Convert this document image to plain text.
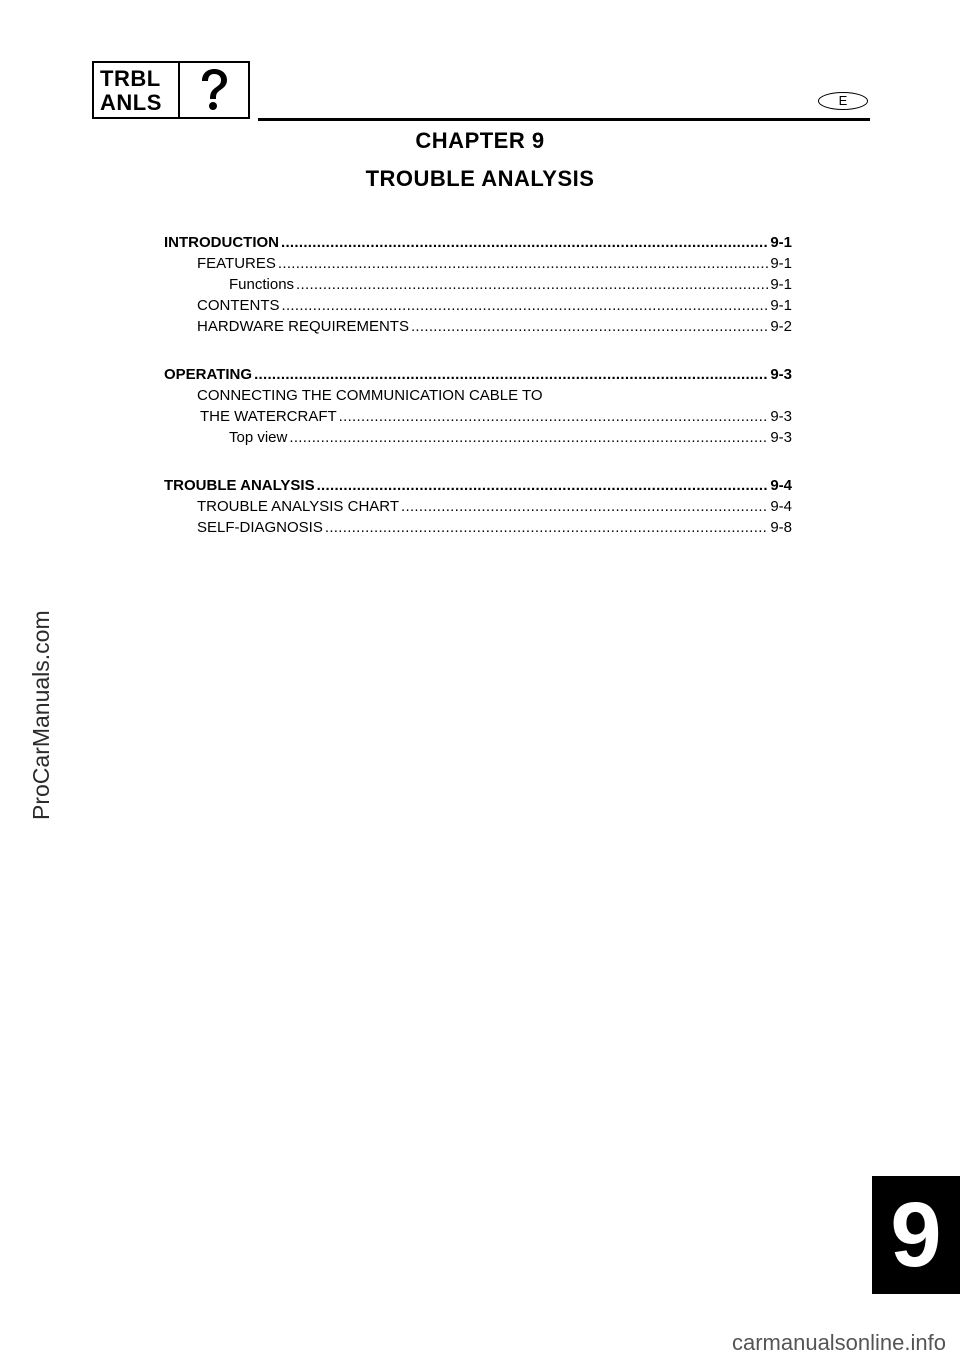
TRBL
ANLS	E
CHAPTER 9
TROUBLE ANALYSIS
INTRODUCTION .....	9-1
FEATURES .....	9-1
Functions .....	9-1
CONTENTS .....	9-1
HARDWARE REQUIREMENTS .....	9-2
OPERATING .....	9-3
CONNECTING THE COMMUNICATION CABLE TO
THE WATERCRAFT .....	9-3
Top view .....	9-3
TROUBLE ANALYSIS .....	9-4
TROUBLE ANALYSIS CHART .....	9-4
SELF-DIAGNOSIS .....	9-8
ProCarManuals.com
9
carmanualsonline.info
